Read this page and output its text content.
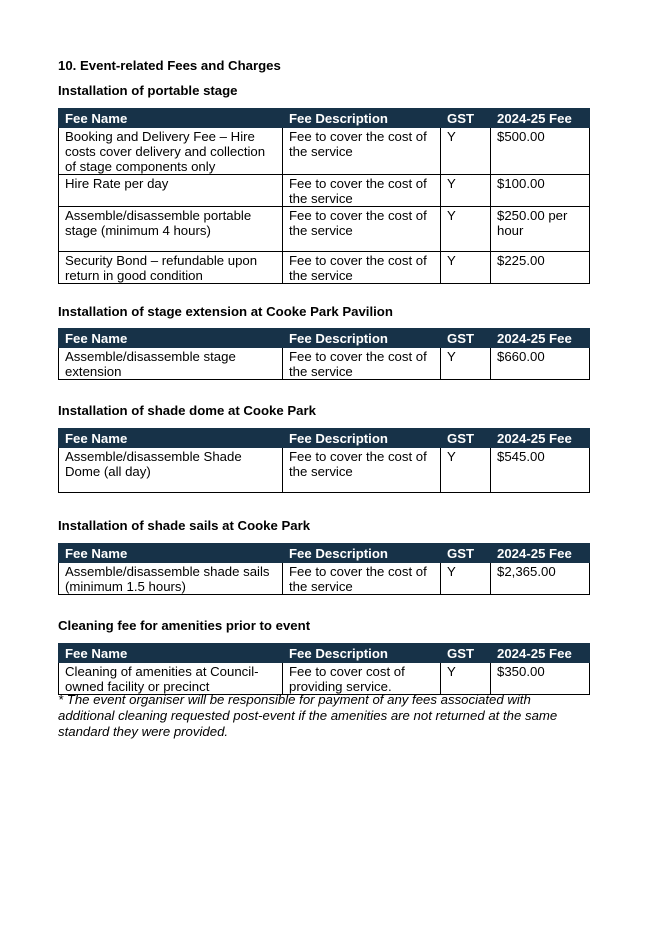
10. Event-related Fees and Charges
Installation of portable stage
Fee Name	Fee Description	GST	2024-25 Fee
Booking and Delivery Fee – Hire costs cover delivery and collection of stage components only	Fee to cover the cost of the service	Y	$500.00
Hire Rate per day	Fee to cover the cost of the service	Y	$100.00
Assemble/disassemble portable stage (minimum 4 hours)	Fee to cover the cost of the service	Y	$250.00 per hour
Security Bond – refundable upon return in good condition	Fee to cover the cost of the service	Y	$225.00
Installation of stage extension at Cooke Park Pavilion
Fee Name	Fee Description	GST	2024-25 Fee
Assemble/disassemble stage extension	Fee to cover the cost of the service	Y	$660.00
Installation of shade dome at Cooke Park
Fee Name	Fee Description	GST	2024-25 Fee
Assemble/disassemble Shade Dome (all day)	Fee to cover the cost of the service	Y	$545.00
Installation of shade sails at Cooke Park
Fee Name	Fee Description	GST	2024-25 Fee
Assemble/disassemble shade sails (minimum 1.5 hours)	Fee to cover the cost of the service	Y	$2,365.00
Cleaning fee for amenities prior to event
Fee Name	Fee Description	GST	2024-25 Fee
Cleaning of amenities at Council-owned facility or precinct	Fee to cover cost of providing service.	Y	$350.00
* The event organiser will be responsible for payment of any fees associated with additional cleaning requested post-event if the amenities are not returned at the same standard they were provided.
